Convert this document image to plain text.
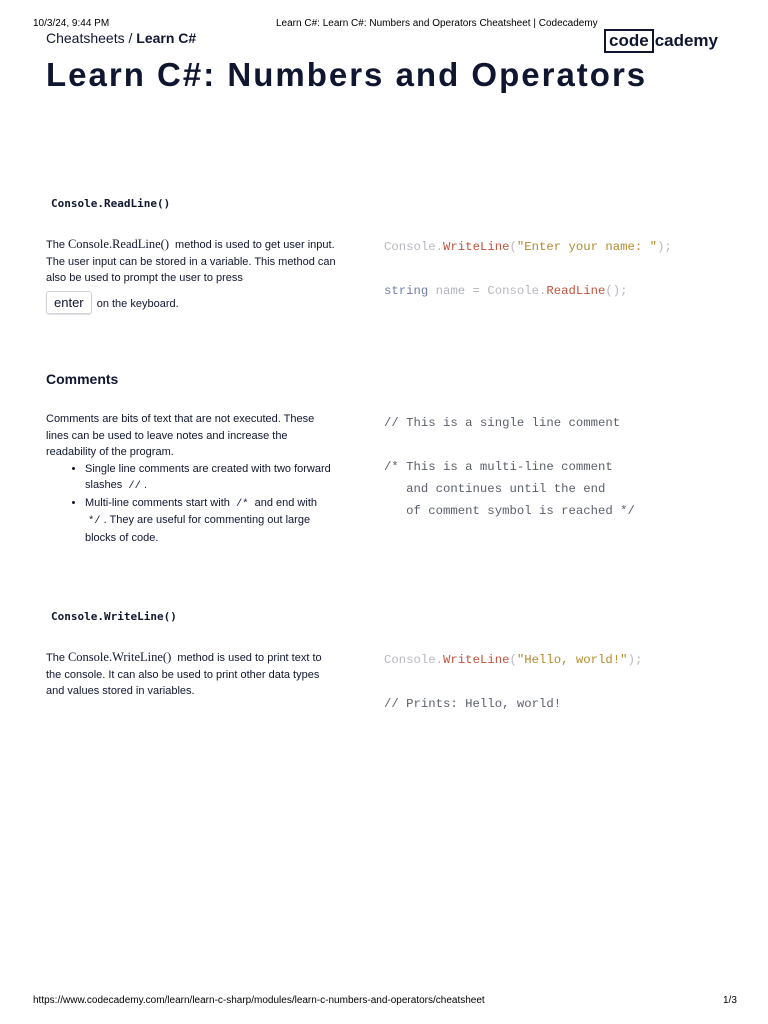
10/3/24, 9:44 PM	Learn C#: Learn C#: Numbers and Operators Cheatsheet | Codecademy
Cheatsheets / Learn C#	code cademy
Learn C#: Numbers and Operators
Console.ReadLine()

The Console.ReadLine() method is used to get user input. The user input can be stored in a variable. This method can also be used to prompt the user to press

enter on the keyboard.

Console.WriteLine("Enter your name: ");
string name = Console.ReadLine();
Comments

Comments are bits of text that are not executed. These lines can be used to leave notes and increase the readability of the program.

• Single line comments are created with two forward slashes // .
• Multi-line comments start with /* and end with */ . They are useful for commenting out large blocks of code.
// This is a single line comment
/* This is a multi-line comment
and continues until the end
of comment symbol is reached */
Console.WriteLine()

The Console.WriteLine() method is used to print text to the console. It can also be used to print other data types and values stored in variables.

Console.WriteLine("Hello, world!");
// Prints: Hello, world!
https://www.codecademy.com/learn/learn-c-sharp/modules/learn-c-numbers-and-operators/cheatsheet	1/3
